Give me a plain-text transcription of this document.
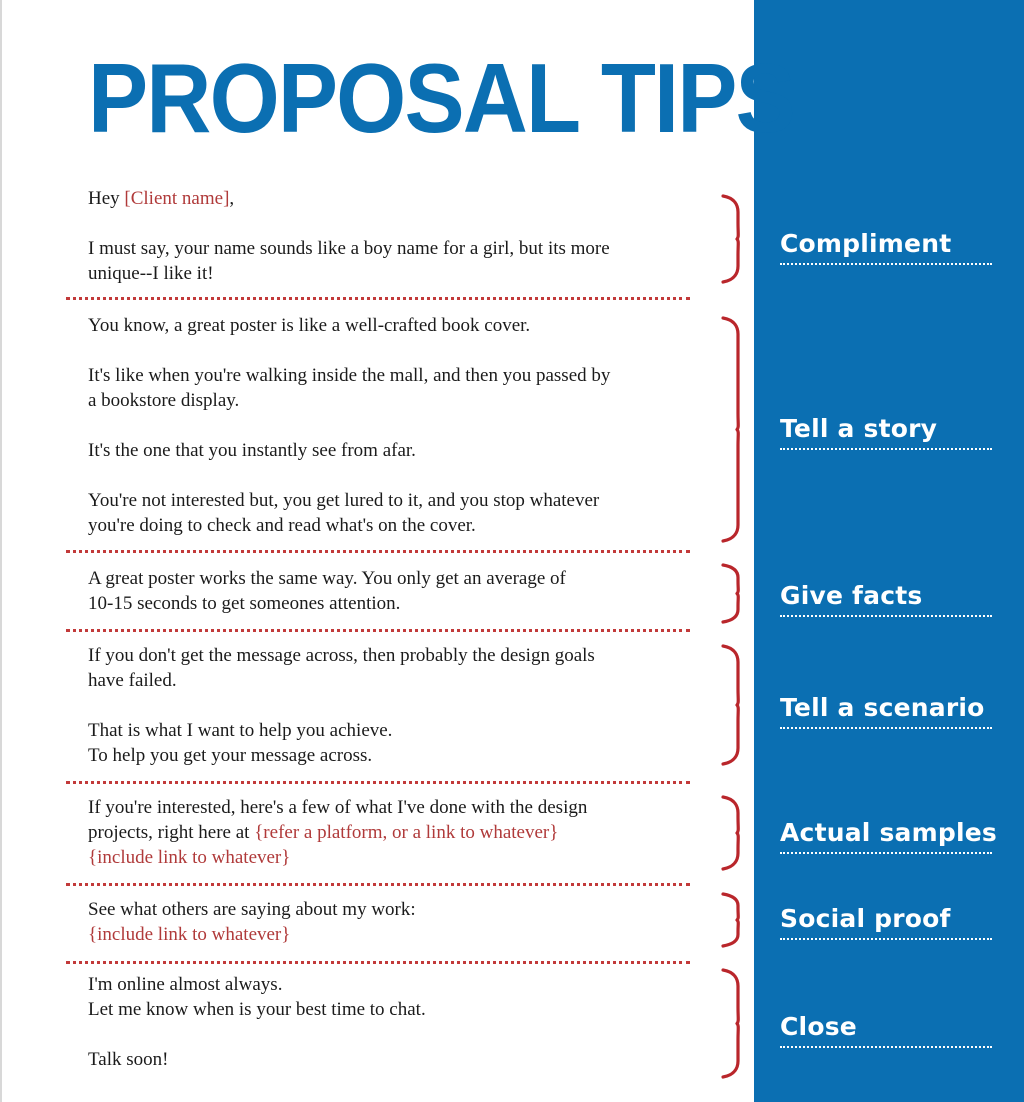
PROPOSAL TIPS

Hey [Client name],

I must say, your name sounds like a boy name for a girl, but its more
unique--I like it!

You know, a great poster is like a well-crafted book cover.

It's like when you're walking inside the mall, and then you passed by
a bookstore display.

It's the one that you instantly see from afar.

You're not interested but, you get lured to it, and you stop whatever
you're doing to check and read what's on the cover.

A great poster works the same way. You only get an average of
10-15 seconds to get someones attention.

If you don't get the message across, then probably the design goals
have failed.

That is what I want to help you achieve.
To help you get your message across.

If you're interested, here's a few of what I've done with the design
projects, right here at {refer a platform, or a link to whatever}
{include link to whatever}

See what others are saying about my work:
{include link to whatever}

I'm online almost always.
Let me know when is your best time to chat.

Talk soon!

Compliment
Tell a story
Give facts
Tell a scenario
Actual samples
Social proof
Close
